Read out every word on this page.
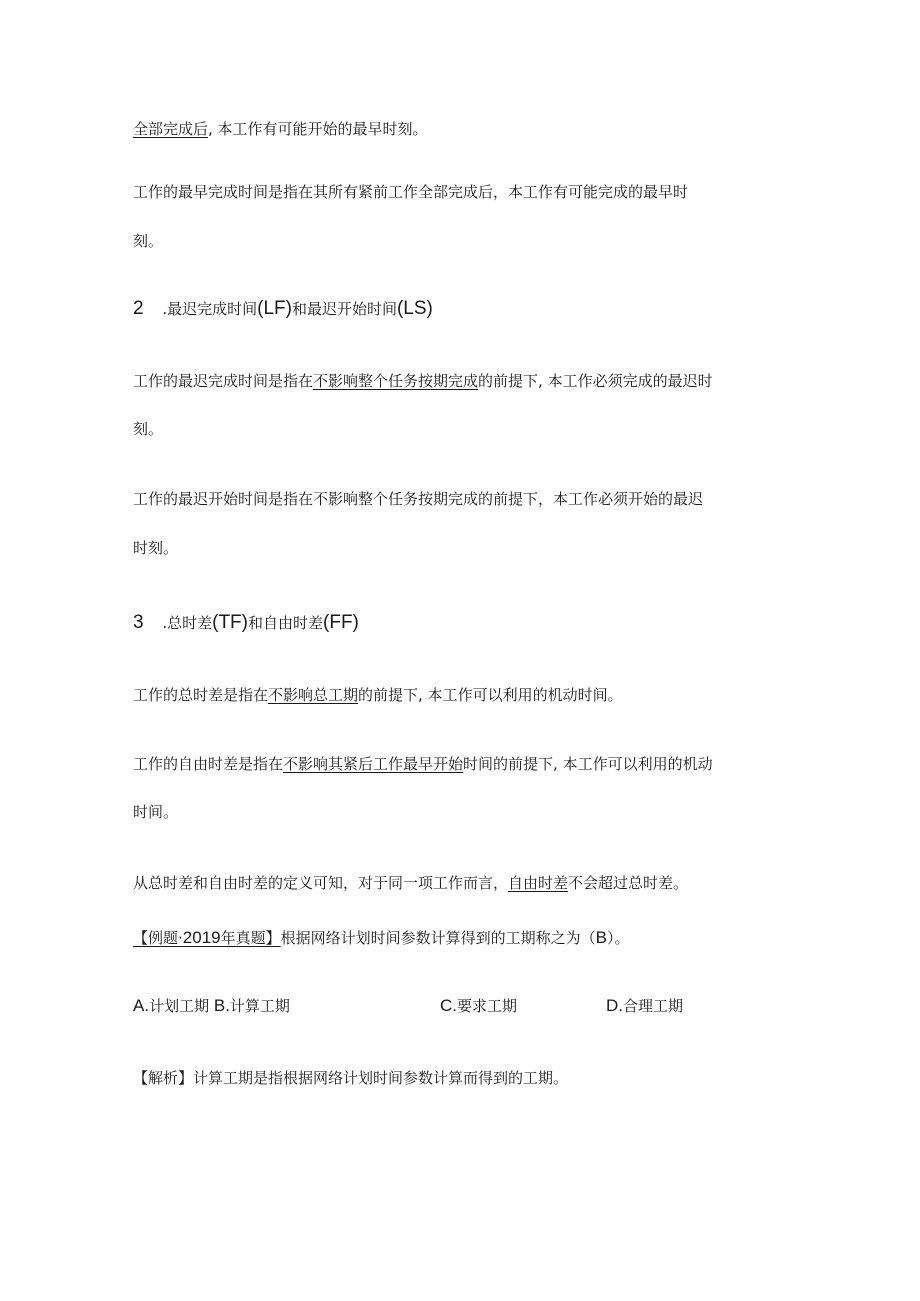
全部完成后, 本工作有可能开始的最早时刻。
工作的最早完成时间是指在其所有紧前工作全部完成后，本工作有可能完成的最早时
刻。
2 .最迟完成时间(LF)和最迟开始时间(LS)
工作的最迟完成时间是指在不影响整个任务按期完成的前提下, 本工作必须完成的最迟时
刻。
工作的最迟开始时间是指在不影响整个任务按期完成的前提下，本工作必须开始的最迟
时刻。
3 .总时差(TF)和自由时差(FF)
工作的总时差是指在不影响总工期的前提下, 本工作可以利用的机动时间。
工作的自由时差是指在不影响其紧后工作最早开始时间的前提下, 本工作可以利用的机动
时间。
从总时差和自由时差的定义可知，对于同一项工作而言，自由时差不会超过总时差。
【例题·2019年真题】根据网络计划时间参数计算得到的工期称之为（B）。
A.计划工期 B.计算工期	C.要求工期	D.合理工期
【解析】计算工期是指根据网络计划时间参数计算而得到的工期。
